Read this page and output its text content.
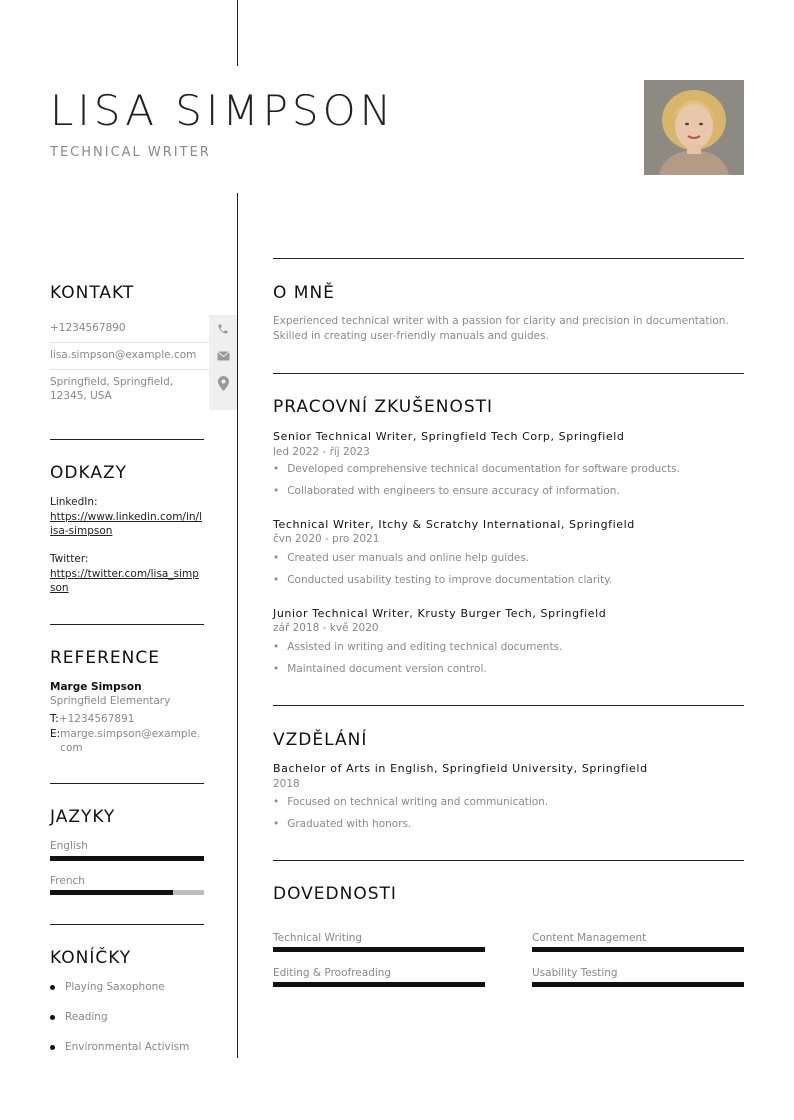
LISA SIMPSON
TECHNICAL WRITER
KONTAKT
+1234567890
lisa.simpson@example.com
Springfield, Springfield, 12345, USA
ODKAZY
LinkedIn:
https://www.linkedin.com/in/lisa-simpson
Twitter:
https://twitter.com/lisa_simpson
REFERENCE
Marge Simpson
Springfield Elementary
T:+1234567891
E: marge.simpson@example.com
JAZYKY
English
French
KONÍČKY
Playing Saxophone
Reading
Environmental Activism
O MNĚ
Experienced technical writer with a passion for clarity and precision in documentation. Skilled in creating user-friendly manuals and guides.
PRACOVNÍ ZKUŠENOSTI
Senior Technical Writer, Springfield Tech Corp, Springfield
led 2022 - říj 2023
• Developed comprehensive technical documentation for software products.
• Collaborated with engineers to ensure accuracy of information.
Technical Writer, Itchy & Scratchy International, Springfield
čvn 2020 - pro 2021
• Created user manuals and online help guides.
• Conducted usability testing to improve documentation clarity.
Junior Technical Writer, Krusty Burger Tech, Springfield
zář 2018 - kvě 2020
• Assisted in writing and editing technical documents.
• Maintained document version control.
VZDĚLÁNÍ
Bachelor of Arts in English, Springfield University, Springfield
2018
• Focused on technical writing and communication.
• Graduated with honors.
DOVEDNOSTI
Technical Writing	Content Management
Editing & Proofreading	Usability Testing
